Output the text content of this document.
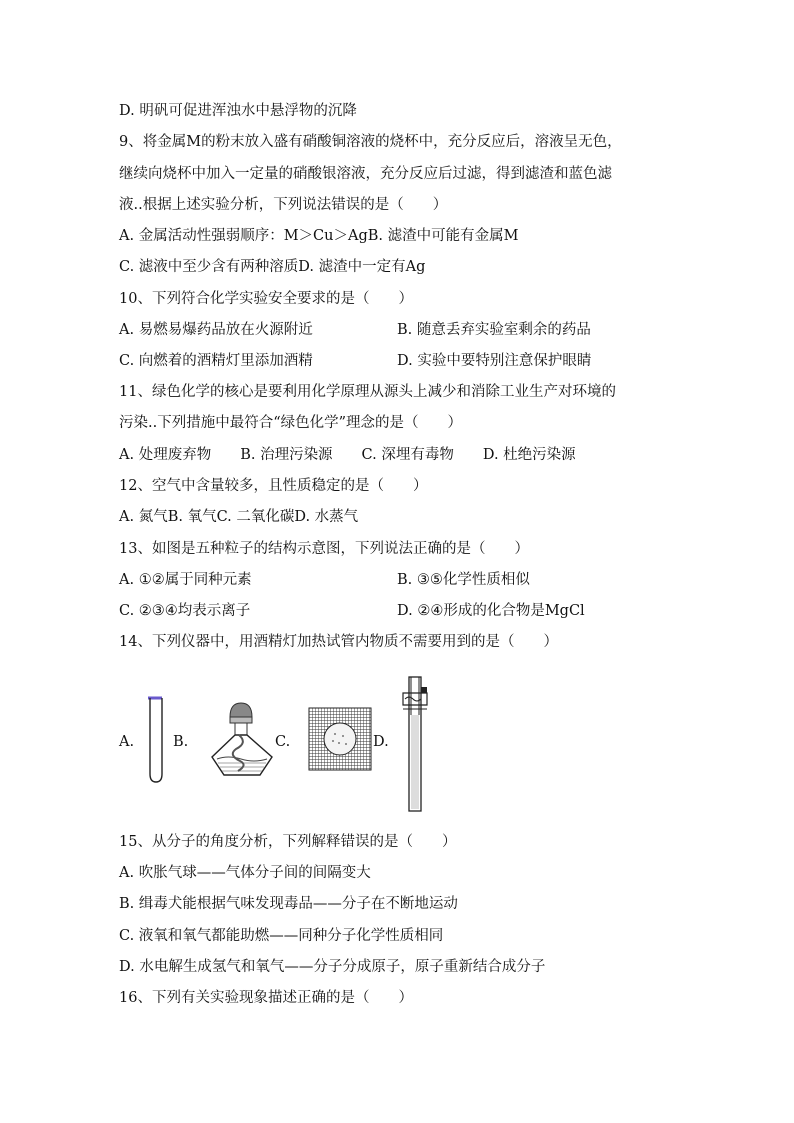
D. 明矾可促进浑浊水中悬浮物的沉降
9、将金属M的粉末放入盛有硝酸铜溶液的烧杯中，充分反应后，溶液呈无色，
继续向烧杯中加入一定量的硝酸银溶液，充分反应后过滤，得到滤渣和蓝色滤
液..根据上述实验分析，下列说法错误的是（　　）
A. 金属活动性强弱顺序：M＞Cu＞AgB. 滤渣中可能有金属M
C. 滤液中至少含有两种溶质D. 滤渣中一定有Ag
10、下列符合化学实验安全要求的是（　　）
A. 易燃易爆药品放在火源附近	B. 随意丢弃实验室剩余的药品
C. 向燃着的酒精灯里添加酒精	D. 实验中要特别注意保护眼睛
11、绿色化学的核心是要利用化学原理从源头上减少和消除工业生产对环境的
污染..下列措施中最符合“绿色化学”理念的是（　　）
A. 处理废弃物　　B. 治理污染源　　C. 深埋有毒物　　D. 杜绝污染源
12、空气中含量较多，且性质稳定的是（　　）
A. 氮气B. 氧气C. 二氧化碳D. 水蒸气
13、如图是五种粒子的结构示意图，下列说法正确的是（　　）
A. ①②属于同种元素	B. ③⑤化学性质相似
C. ②③④均表示离子	D. ②④形成的化合物是MgCl
14、下列仪器中，用酒精灯加热试管内物质不需要用到的是（　　）
A.	B.	C.	D.
15、从分子的角度分析，下列解释错误的是（　　）
A. 吹胀气球——气体分子间的间隔变大
B. 缉毒犬能根据气味发现毒品——分子在不断地运动
C. 液氧和氧气都能助燃——同种分子化学性质相同
D. 水电解生成氢气和氧气——分子分成原子，原子重新结合成分子
16、下列有关实验现象描述正确的是（　　）
